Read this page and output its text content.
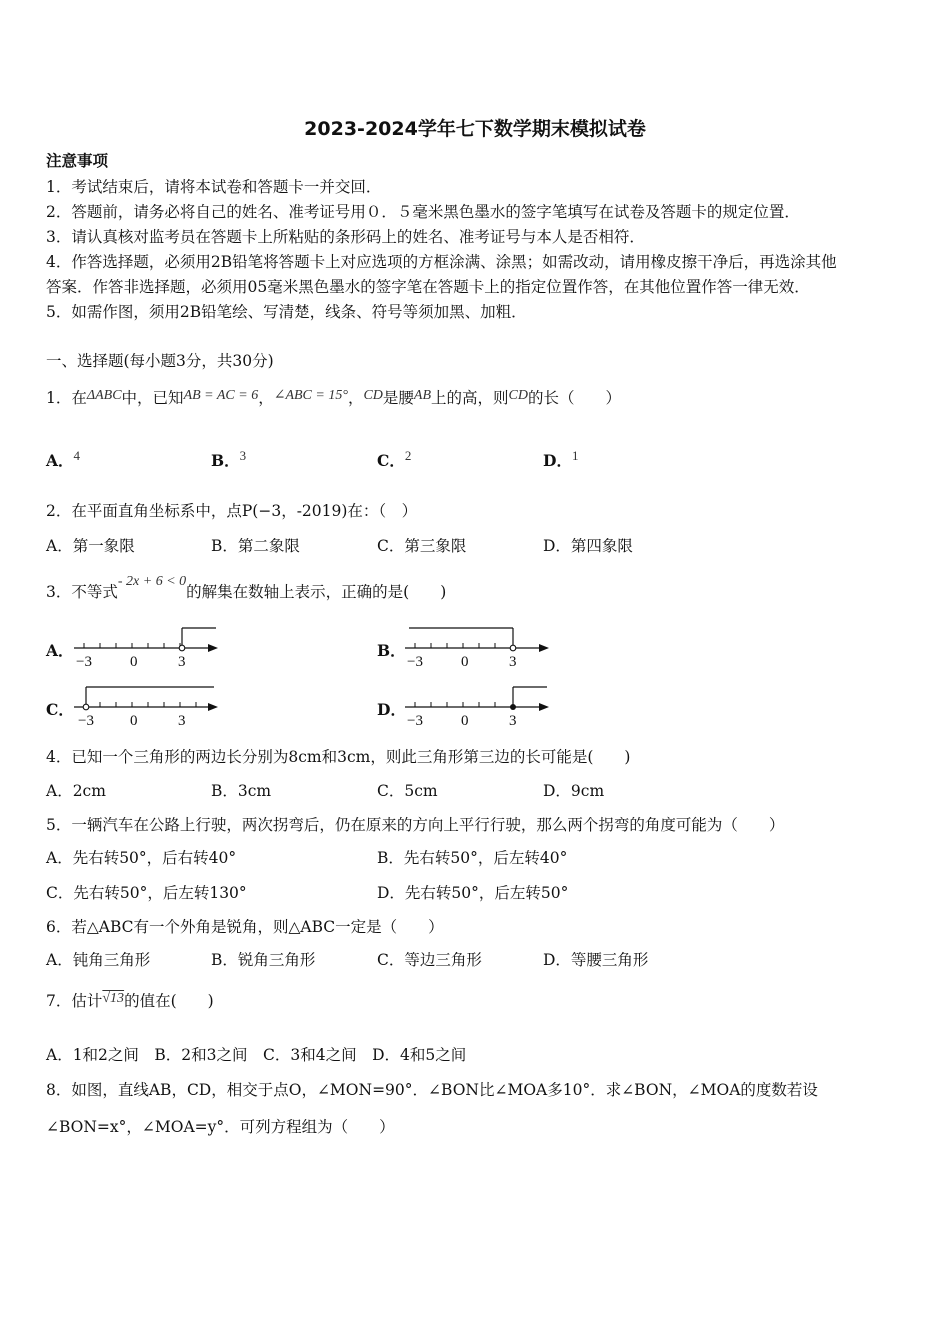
2023-2024学年七下数学期末模拟试卷
注意事项
1．考试结束后，请将本试卷和答题卡一并交回．
2．答题前，请务必将自己的姓名、准考证号用０．５毫米黑色墨水的签字笔填写在试卷及答题卡的规定位置．
3．请认真核对监考员在答题卡上所粘贴的条形码上的姓名、准考证号与本人是否相符．
4．作答选择题，必须用2B铅笔将答题卡上对应选项的方框涂满、涂黑；如需改动，请用橡皮擦干净后，再选涂其他
答案．作答非选择题，必须用05毫米黑色墨水的签字笔在答题卡上的指定位置作答，在其他位置作答一律无效．
5．如需作图，须用2B铅笔绘、写清楚，线条、符号等须加黑、加粗．
一、选择题(每小题3分，共30分)
1．在ΔABC中，已知AB = AC = 6，∠ABC = 15°，CD是腰AB上的高，则CD的长（　　）
A．$^4$	B．$^3$	C．$^2$	D．$^1$
2．在平面直角坐标系中，点P(−3，-2019)在：（　）
A．第一象限	B．第二象限	C．第三象限	D．第四象限
3．不等式- 2x + 6 < 0的解集在数轴上表示，正确的是(　　)
A．	B．
C．	D．
−3	0	3	−3	0	3
−3 0	3	−3	0	3
4．已知一个三角形的两边长分别为8cm和3cm，则此三角形第三边的长可能是(　　)
A．2cm	B．3cm	C．5cm	D．9cm
5．一辆汽车在公路上行驶，两次拐弯后，仍在原来的方向上平行行驶，那么两个拐弯的角度可能为（　　）
A．先右转50°，后右转40°	B．先右转50°，后左转40°
C．先右转50°，后左转130°	D．先右转50°，后左转50°
6．若△ABC有一个外角是锐角，则△ABC一定是（　　）
A．钝角三角形	B．锐角三角形	C．等边三角形	D．等腰三角形
7．估计√13的值在(　　)
A．1和2之间　B．2和3之间　C．3和4之间　D．4和5之间
8．如图，直线AB，CD，相交于点O，∠MON=90°．∠BON比∠MOA多10°．求∠BON，∠MOA的度数若设
∠BON=x°，∠MOA=y°．可列方程组为（　　）
